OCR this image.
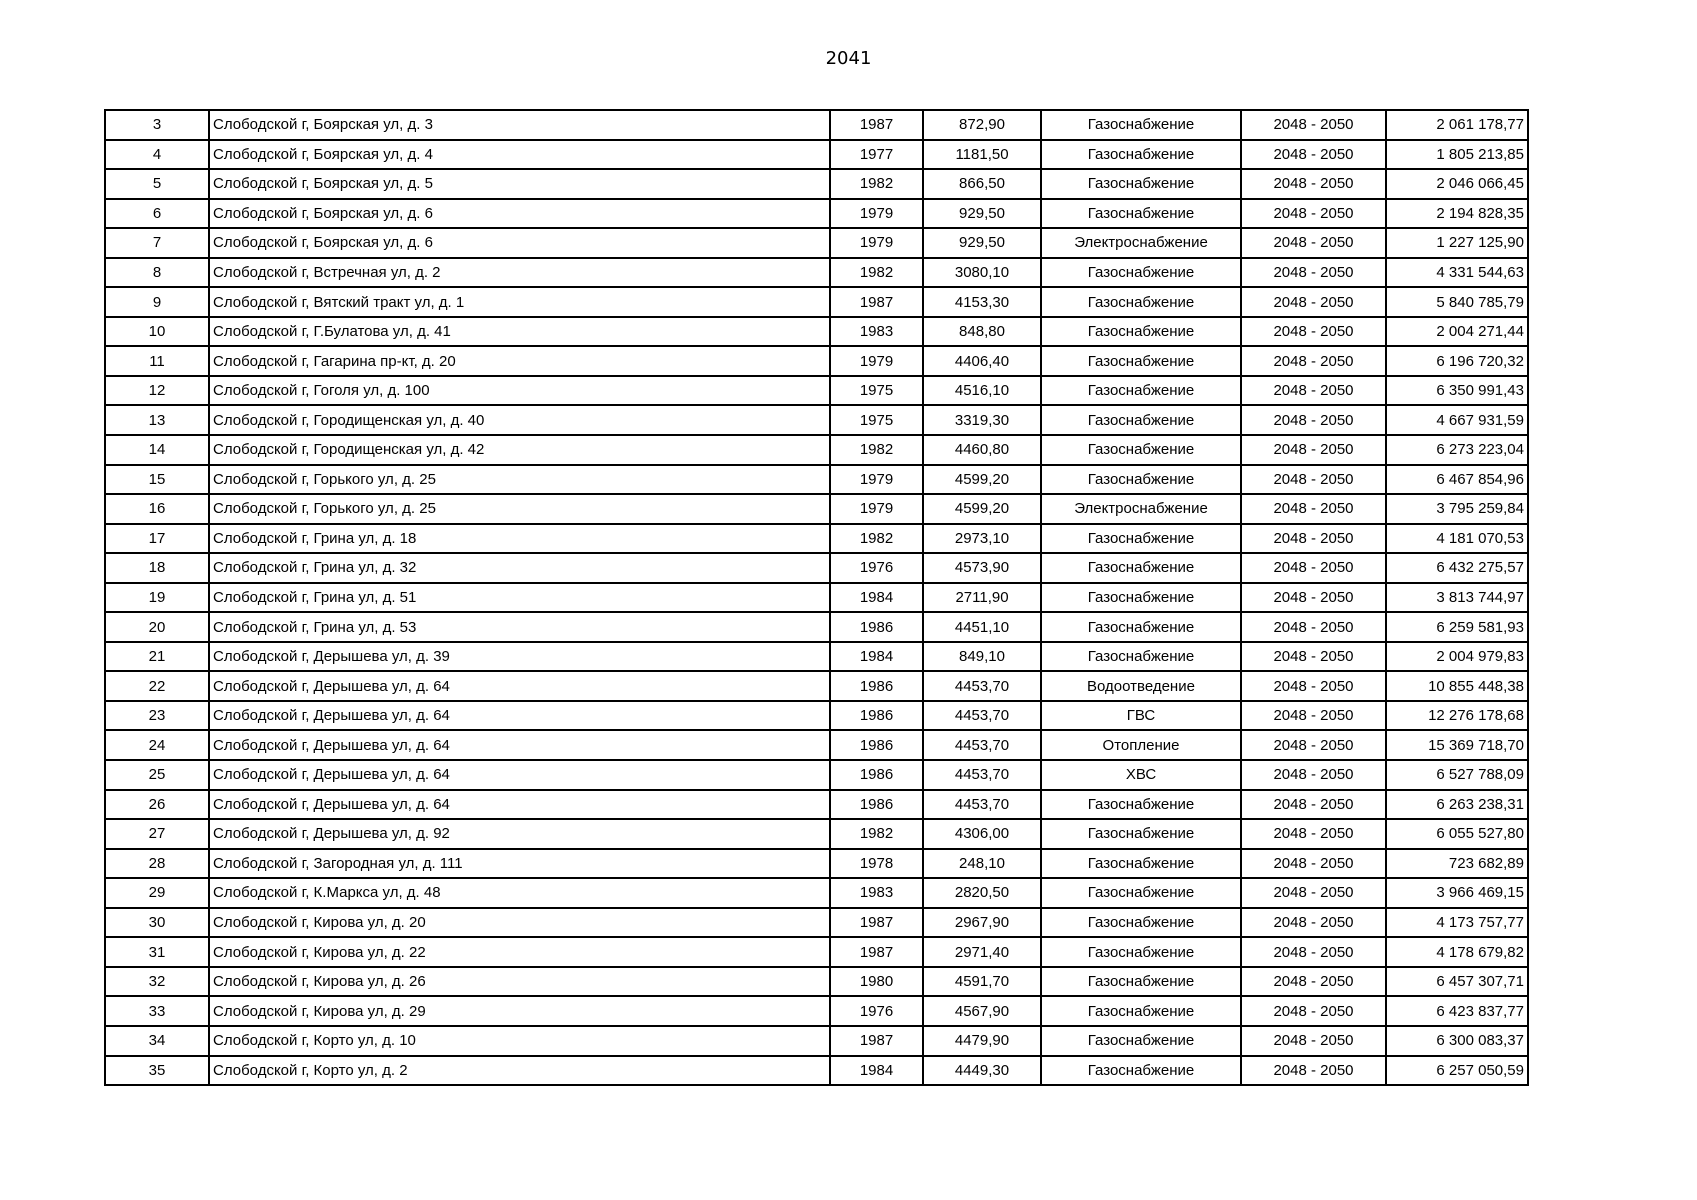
2041
3	Слободской г, Боярская ул, д. 3	1987	872,90	Газоснабжение	2048 - 2050	2 061 178,77
4	Слободской г, Боярская ул, д. 4	1977	1181,50	Газоснабжение	2048 - 2050	1 805 213,85
5	Слободской г, Боярская ул, д. 5	1982	866,50	Газоснабжение	2048 - 2050	2 046 066,45
6	Слободской г, Боярская ул, д. 6	1979	929,50	Газоснабжение	2048 - 2050	2 194 828,35
7	Слободской г, Боярская ул, д. 6	1979	929,50	Электроснабжение	2048 - 2050	1 227 125,90
8	Слободской г, Встречная ул, д. 2	1982	3080,10	Газоснабжение	2048 - 2050	4 331 544,63
9	Слободской г, Вятский тракт ул, д. 1	1987	4153,30	Газоснабжение	2048 - 2050	5 840 785,79
10	Слободской г, Г.Булатова ул, д. 41	1983	848,80	Газоснабжение	2048 - 2050	2 004 271,44
11	Слободской г, Гагарина пр-кт, д. 20	1979	4406,40	Газоснабжение	2048 - 2050	6 196 720,32
12	Слободской г, Гоголя ул, д. 100	1975	4516,10	Газоснабжение	2048 - 2050	6 350 991,43
13	Слободской г, Городищенская ул, д. 40	1975	3319,30	Газоснабжение	2048 - 2050	4 667 931,59
14	Слободской г, Городищенская ул, д. 42	1982	4460,80	Газоснабжение	2048 - 2050	6 273 223,04
15	Слободской г, Горького ул, д. 25	1979	4599,20	Газоснабжение	2048 - 2050	6 467 854,96
16	Слободской г, Горького ул, д. 25	1979	4599,20	Электроснабжение	2048 - 2050	3 795 259,84
17	Слободской г, Грина ул, д. 18	1982	2973,10	Газоснабжение	2048 - 2050	4 181 070,53
18	Слободской г, Грина ул, д. 32	1976	4573,90	Газоснабжение	2048 - 2050	6 432 275,57
19	Слободской г, Грина ул, д. 51	1984	2711,90	Газоснабжение	2048 - 2050	3 813 744,97
20	Слободской г, Грина ул, д. 53	1986	4451,10	Газоснабжение	2048 - 2050	6 259 581,93
21	Слободской г, Дерышева ул, д. 39	1984	849,10	Газоснабжение	2048 - 2050	2 004 979,83
22	Слободской г, Дерышева ул, д. 64	1986	4453,70	Водоотведение	2048 - 2050	10 855 448,38
23	Слободской г, Дерышева ул, д. 64	1986	4453,70	ГВС	2048 - 2050	12 276 178,68
24	Слободской г, Дерышева ул, д. 64	1986	4453,70	Отопление	2048 - 2050	15 369 718,70
25	Слободской г, Дерышева ул, д. 64	1986	4453,70	ХВС	2048 - 2050	6 527 788,09
26	Слободской г, Дерышева ул, д. 64	1986	4453,70	Газоснабжение	2048 - 2050	6 263 238,31
27	Слободской г, Дерышева ул, д. 92	1982	4306,00	Газоснабжение	2048 - 2050	6 055 527,80
28	Слободской г, Загородная ул, д. 111	1978	248,10	Газоснабжение	2048 - 2050	723 682,89
29	Слободской г, К.Маркса ул, д. 48	1983	2820,50	Газоснабжение	2048 - 2050	3 966 469,15
30	Слободской г, Кирова ул, д. 20	1987	2967,90	Газоснабжение	2048 - 2050	4 173 757,77
31	Слободской г, Кирова ул, д. 22	1987	2971,40	Газоснабжение	2048 - 2050	4 178 679,82
32	Слободской г, Кирова ул, д. 26	1980	4591,70	Газоснабжение	2048 - 2050	6 457 307,71
33	Слободской г, Кирова ул, д. 29	1976	4567,90	Газоснабжение	2048 - 2050	6 423 837,77
34	Слободской г, Корто ул, д. 10	1987	4479,90	Газоснабжение	2048 - 2050	6 300 083,37
35	Слободской г, Корто ул, д. 2	1984	4449,30	Газоснабжение	2048 - 2050	6 257 050,59
